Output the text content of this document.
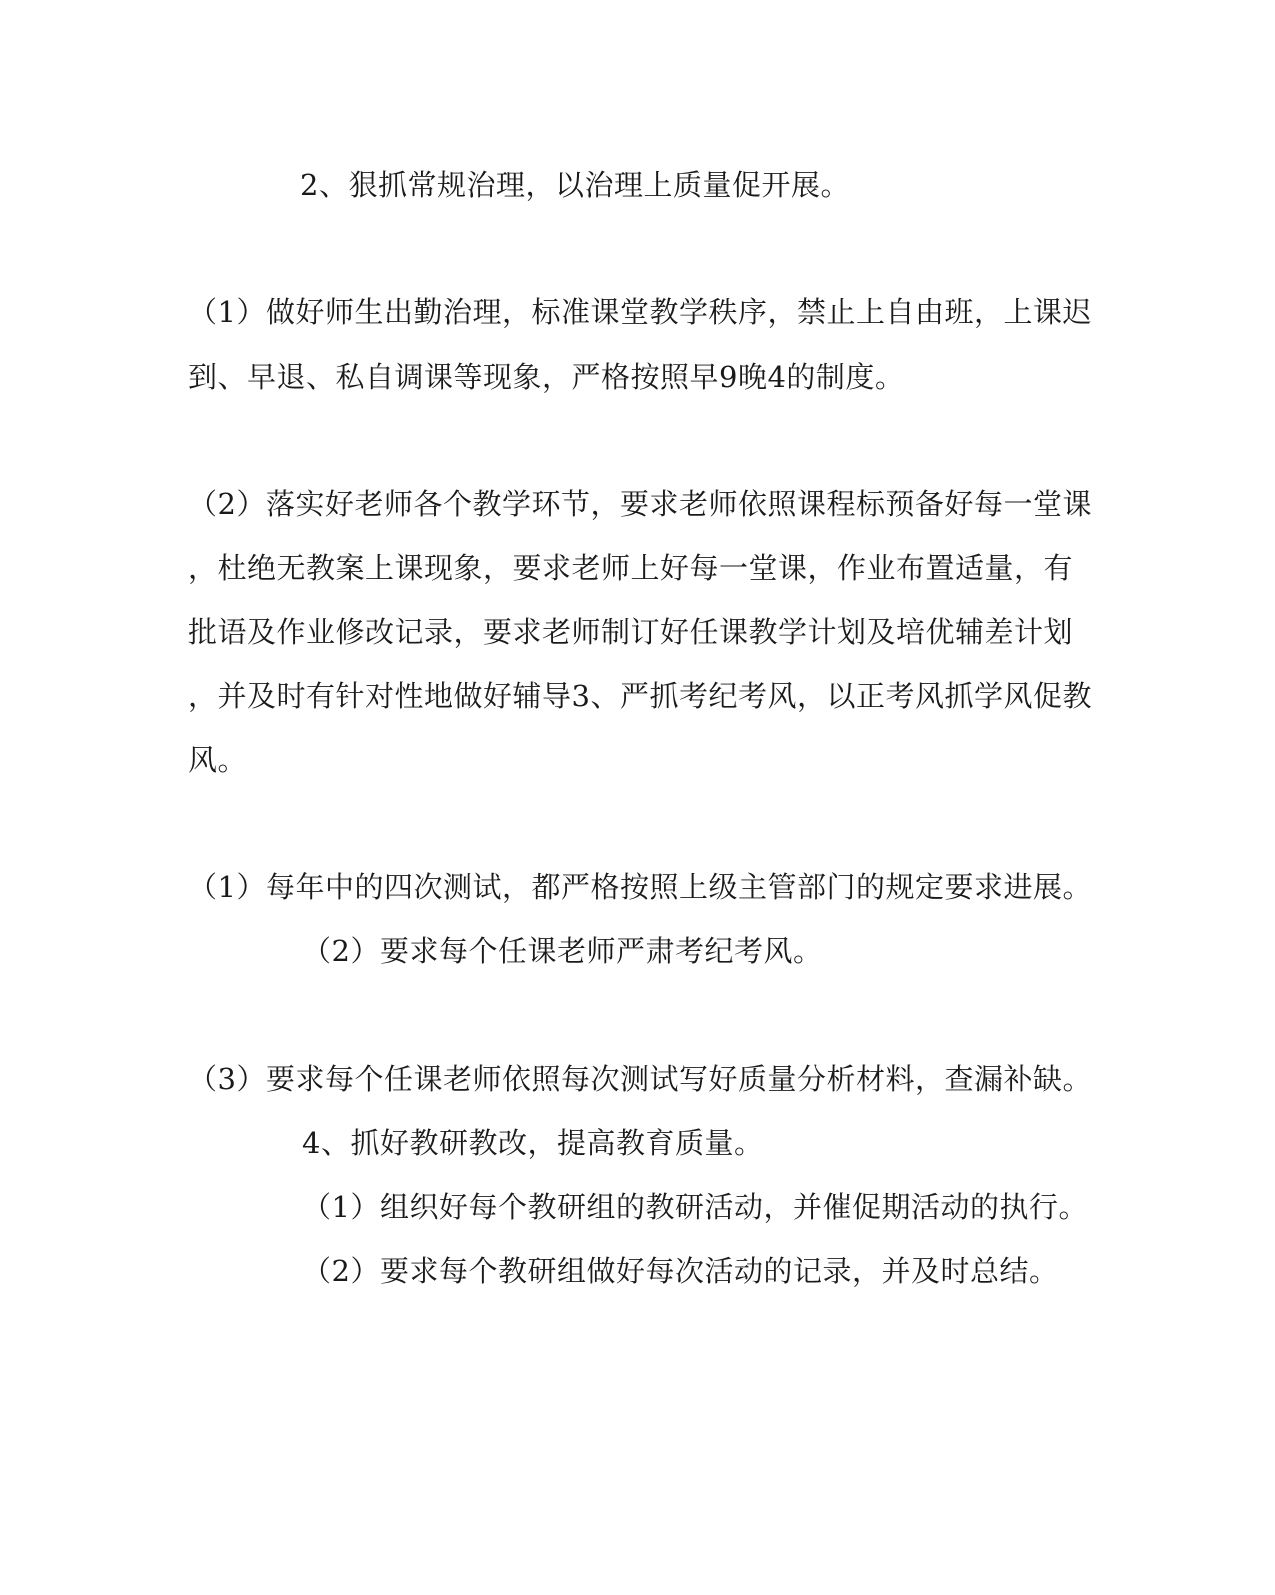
2、狠抓常规治理，以治理上质量促开展。
（1）做好师生出勤治理，标准课堂教学秩序，禁止上自由班，上课迟
到、早退、私自调课等现象，严格按照早9晚4的制度。
（2）落实好老师各个教学环节，要求老师依照课程标预备好每一堂课
，杜绝无教案上课现象，要求老师上好每一堂课，作业布置适量，有
批语及作业修改记录，要求老师制订好任课教学计划及培优辅差计划
，并及时有针对性地做好辅导3、严抓考纪考风，以正考风抓学风促教
风。
（1）每年中的四次测试，都严格按照上级主管部门的规定要求进展。
（2）要求每个任课老师严肃考纪考风。
（3）要求每个任课老师依照每次测试写好质量分析材料，查漏补缺。
4、抓好教研教改，提高教育质量。
（1）组织好每个教研组的教研活动，并催促期活动的执行。
（2）要求每个教研组做好每次活动的记录，并及时总结。
